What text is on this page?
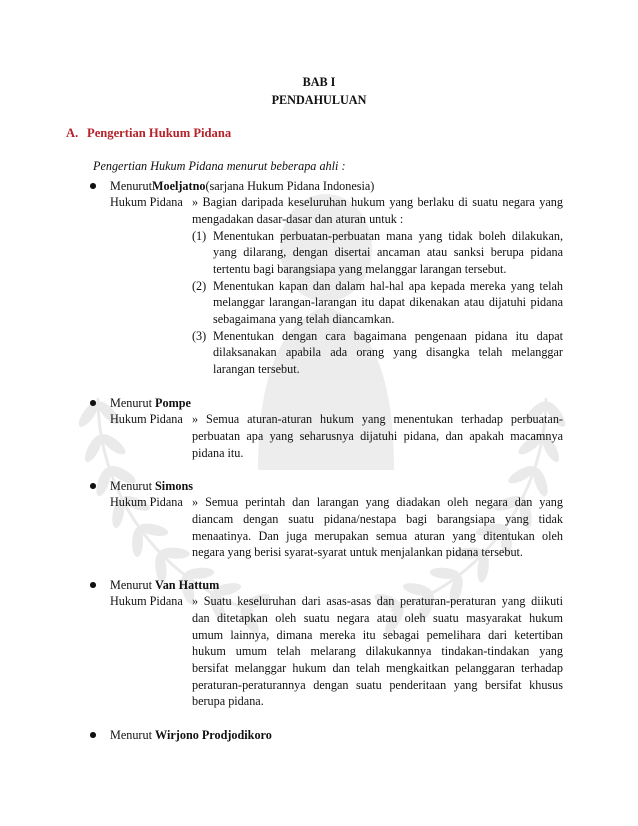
BAB I
PENDAHULUAN
A. Pengertian Hukum Pidana
Pengertian Hukum Pidana menurut beberapa ahli :
MenurutMoeljatno(sarjana Hukum Pidana Indonesia)
Hukum Pidana » Bagian daripada keseluruhan hukum yang berlaku di suatu negara yang
mengadakan dasar-dasar dan aturan untuk :
(1) Menentukan perbuatan-perbuatan mana yang tidak boleh dilakukan,
yang dilarang, dengan disertai ancaman atau sanksi berupa pidana
tertentu bagi barangsiapa yang melanggar larangan tersebut.
(2) Menentukan kapan dan dalam hal-hal apa kepada mereka yang telah
melanggar larangan-larangan itu dapat dikenakan atau dijatuhi pidana
sebagaimana yang telah diancamkan.
(3) Menentukan dengan cara bagaimana pengenaan pidana itu dapat
dilaksanakan apabila ada orang yang disangka telah melanggar
larangan tersebut.
Menurut Pompe
Hukum Pidana » Semua aturan-aturan hukum yang menentukan terhadap perbuatan-
perbuatan apa yang seharusnya dijatuhi pidana, dan apakah macamnya
pidana itu.
Menurut Simons
Hukum Pidana » Semua perintah dan larangan yang diadakan oleh negara dan yang
diancam dengan suatu pidana/nestapa bagi barangsiapa yang tidak
menaatinya. Dan juga merupakan semua aturan yang ditentukan oleh
negara yang berisi syarat-syarat untuk menjalankan pidana tersebut.
Menurut Van Hattum
Hukum Pidana » Suatu keseluruhan dari asas-asas dan peraturan-peraturan yang diikuti
dan ditetapkan oleh suatu negara atau oleh suatu masyarakat hukum
umum lainnya, dimana mereka itu sebagai pemelihara dari ketertiban
hukum umum telah melarang dilakukannya tindakan-tindakan yang
bersifat melanggar hukum dan telah mengkaitkan pelanggaran terhadap
peraturan-peraturannya dengan suatu penderitaan yang bersifat khusus
berupa pidana.
Menurut Wirjono Prodjodikoro
